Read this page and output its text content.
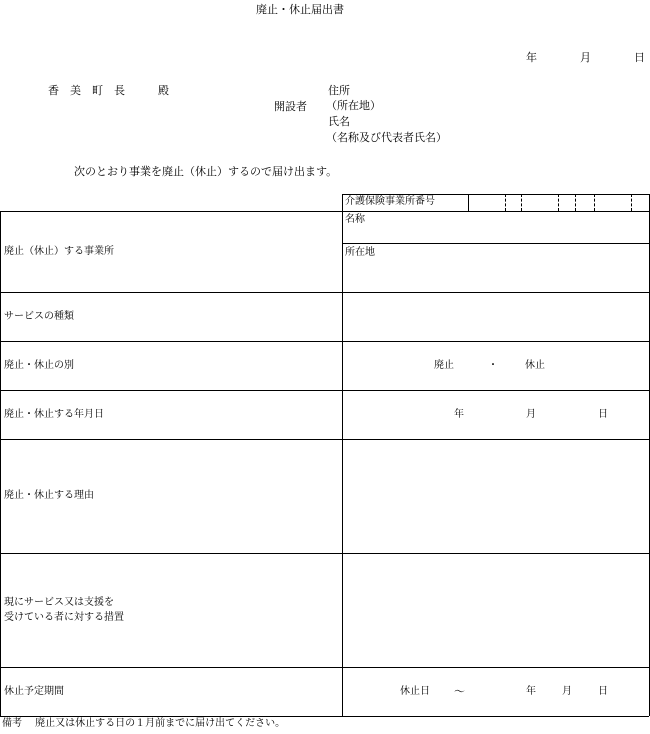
廃止・休止届出書
年	月	日
香　美　町　長　　　殿
開設者
住所
（所在地）
氏名
（名称及び代表者氏名）
次のとおり事業を廃止（休止）するので届け出ます。
介護保険事業所番号
廃止（休止）する事業所
名称
所在地
サービスの種類
廃止・休止の別	廃止	・	休止
廃止・休止する年月日	年	月	日
廃止・休止する理由
現にサービス又は支援を
受けている者に対する措置
休止予定期間	休止日 〜	年	月	日
備考　 廃止又は休止する日の１月前までに届け出てください。
